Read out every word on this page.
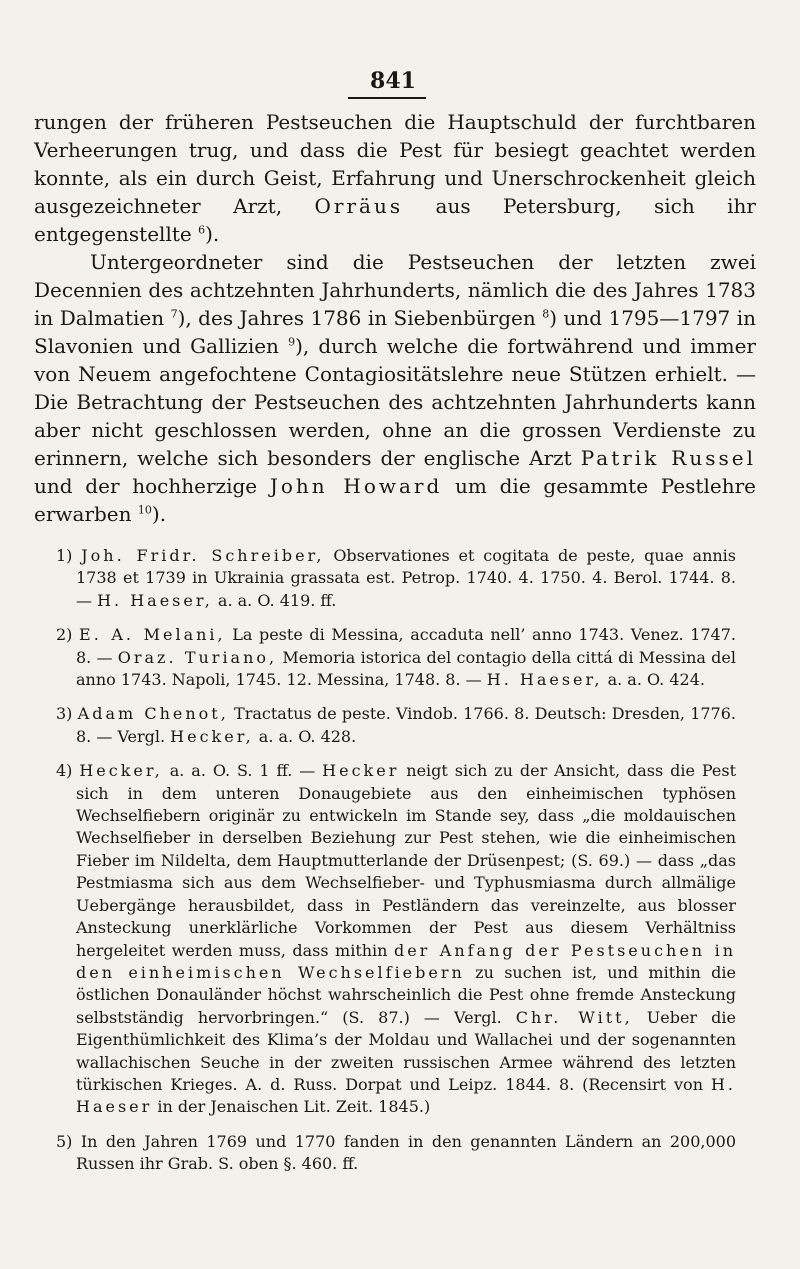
841

rungen der früheren Pestseuchen die Hauptschuld der furchtbaren Verheerungen trug, und dass die Pest für besiegt geachtet werden konnte, als ein durch Geist, Erfahrung und Unerschrockenheit gleich ausgezeichneter Arzt, Orräus aus Petersburg, sich ihr entgegenstellte $^6$).

Untergeordneter sind die Pestseuchen der letzten zwei Decennien des achtzehnten Jahrhunderts, nämlich die des Jahres 1783 in Dalmatien $^7$), des Jahres 1786 in Siebenbürgen $^8$) und 1795—1797 in Slavonien und Gallizien $^9$), durch welche die fortwährend und immer von Neuem angefochtene Contagiositätslehre neue Stützen erhielt. — Die Betrachtung der Pestseuchen des achtzehnten Jahrhunderts kann aber nicht geschlossen werden, ohne an die grossen Verdienste zu erinnern, welche sich besonders der englische Arzt Patrik Russel und der hochherzige John Howard um die gesammte Pestlehre erwarben $^{10}$).

1) Joh. Fridr. Schreiber, Observationes et cogitata de peste, quae annis 1738 et 1739 in Ukrainia grassata est. Petrop. 1740. 4. 1750. 4. Berol. 1744. 8. — H. Haeser, a. a. O. 419. ff.

2) E. A. Melani, La peste di Messina, accaduta nell’ anno 1743. Venez. 1747. 8. — Oraz. Turiano, Memoria istorica del contagio della cittá di Messina del anno 1743. Napoli, 1745. 12. Messina, 1748. 8. — H. Haeser, a. a. O. 424.

3) Adam Chenot, Tractatus de peste. Vindob. 1766. 8. Deutsch: Dresden, 1776. 8. — Vergl. Hecker, a. a. O. 428.

4) Hecker, a. a. O. S. 1 ff. — Hecker neigt sich zu der Ansicht, dass die Pest sich in dem unteren Donaugebiete aus den einheimischen typhösen Wechselfiebern originär zu entwickeln im Stande sey, dass „die moldauischen Wechselfieber in derselben Beziehung zur Pest stehen, wie die einheimischen Fieber im Nildelta, dem Hauptmutterlande der Drüsenpest; (S. 69.) — dass „das Pestmiasma sich aus dem Wechselfieber- und Typhusmiasma durch allmälige Uebergänge herausbildet, dass in Pestländern das vereinzelte, aus blosser Ansteckung unerklärliche Vorkommen der Pest aus diesem Verhältniss hergeleitet werden muss, dass mithin der Anfang der Pestseuchen in den einheimischen Wechselfiebern zu suchen ist, und mithin die östlichen Donauländer höchst wahrscheinlich die Pest ohne fremde Ansteckung selbstständig hervorbringen.“ (S. 87.) — Vergl. Chr. Witt, Ueber die Eigenthümlichkeit des Klima’s der Moldau und Wallachei und der sogenannten wallachischen Seuche in der zweiten russischen Armee während des letzten türkischen Krieges. A. d. Russ. Dorpat und Leipz. 1844. 8. (Recensirt von H. Haeser in der Jenaischen Lit. Zeit. 1845.)

5) In den Jahren 1769 und 1770 fanden in den genannten Ländern an 200,000 Russen ihr Grab. S. oben §. 460. ff.
